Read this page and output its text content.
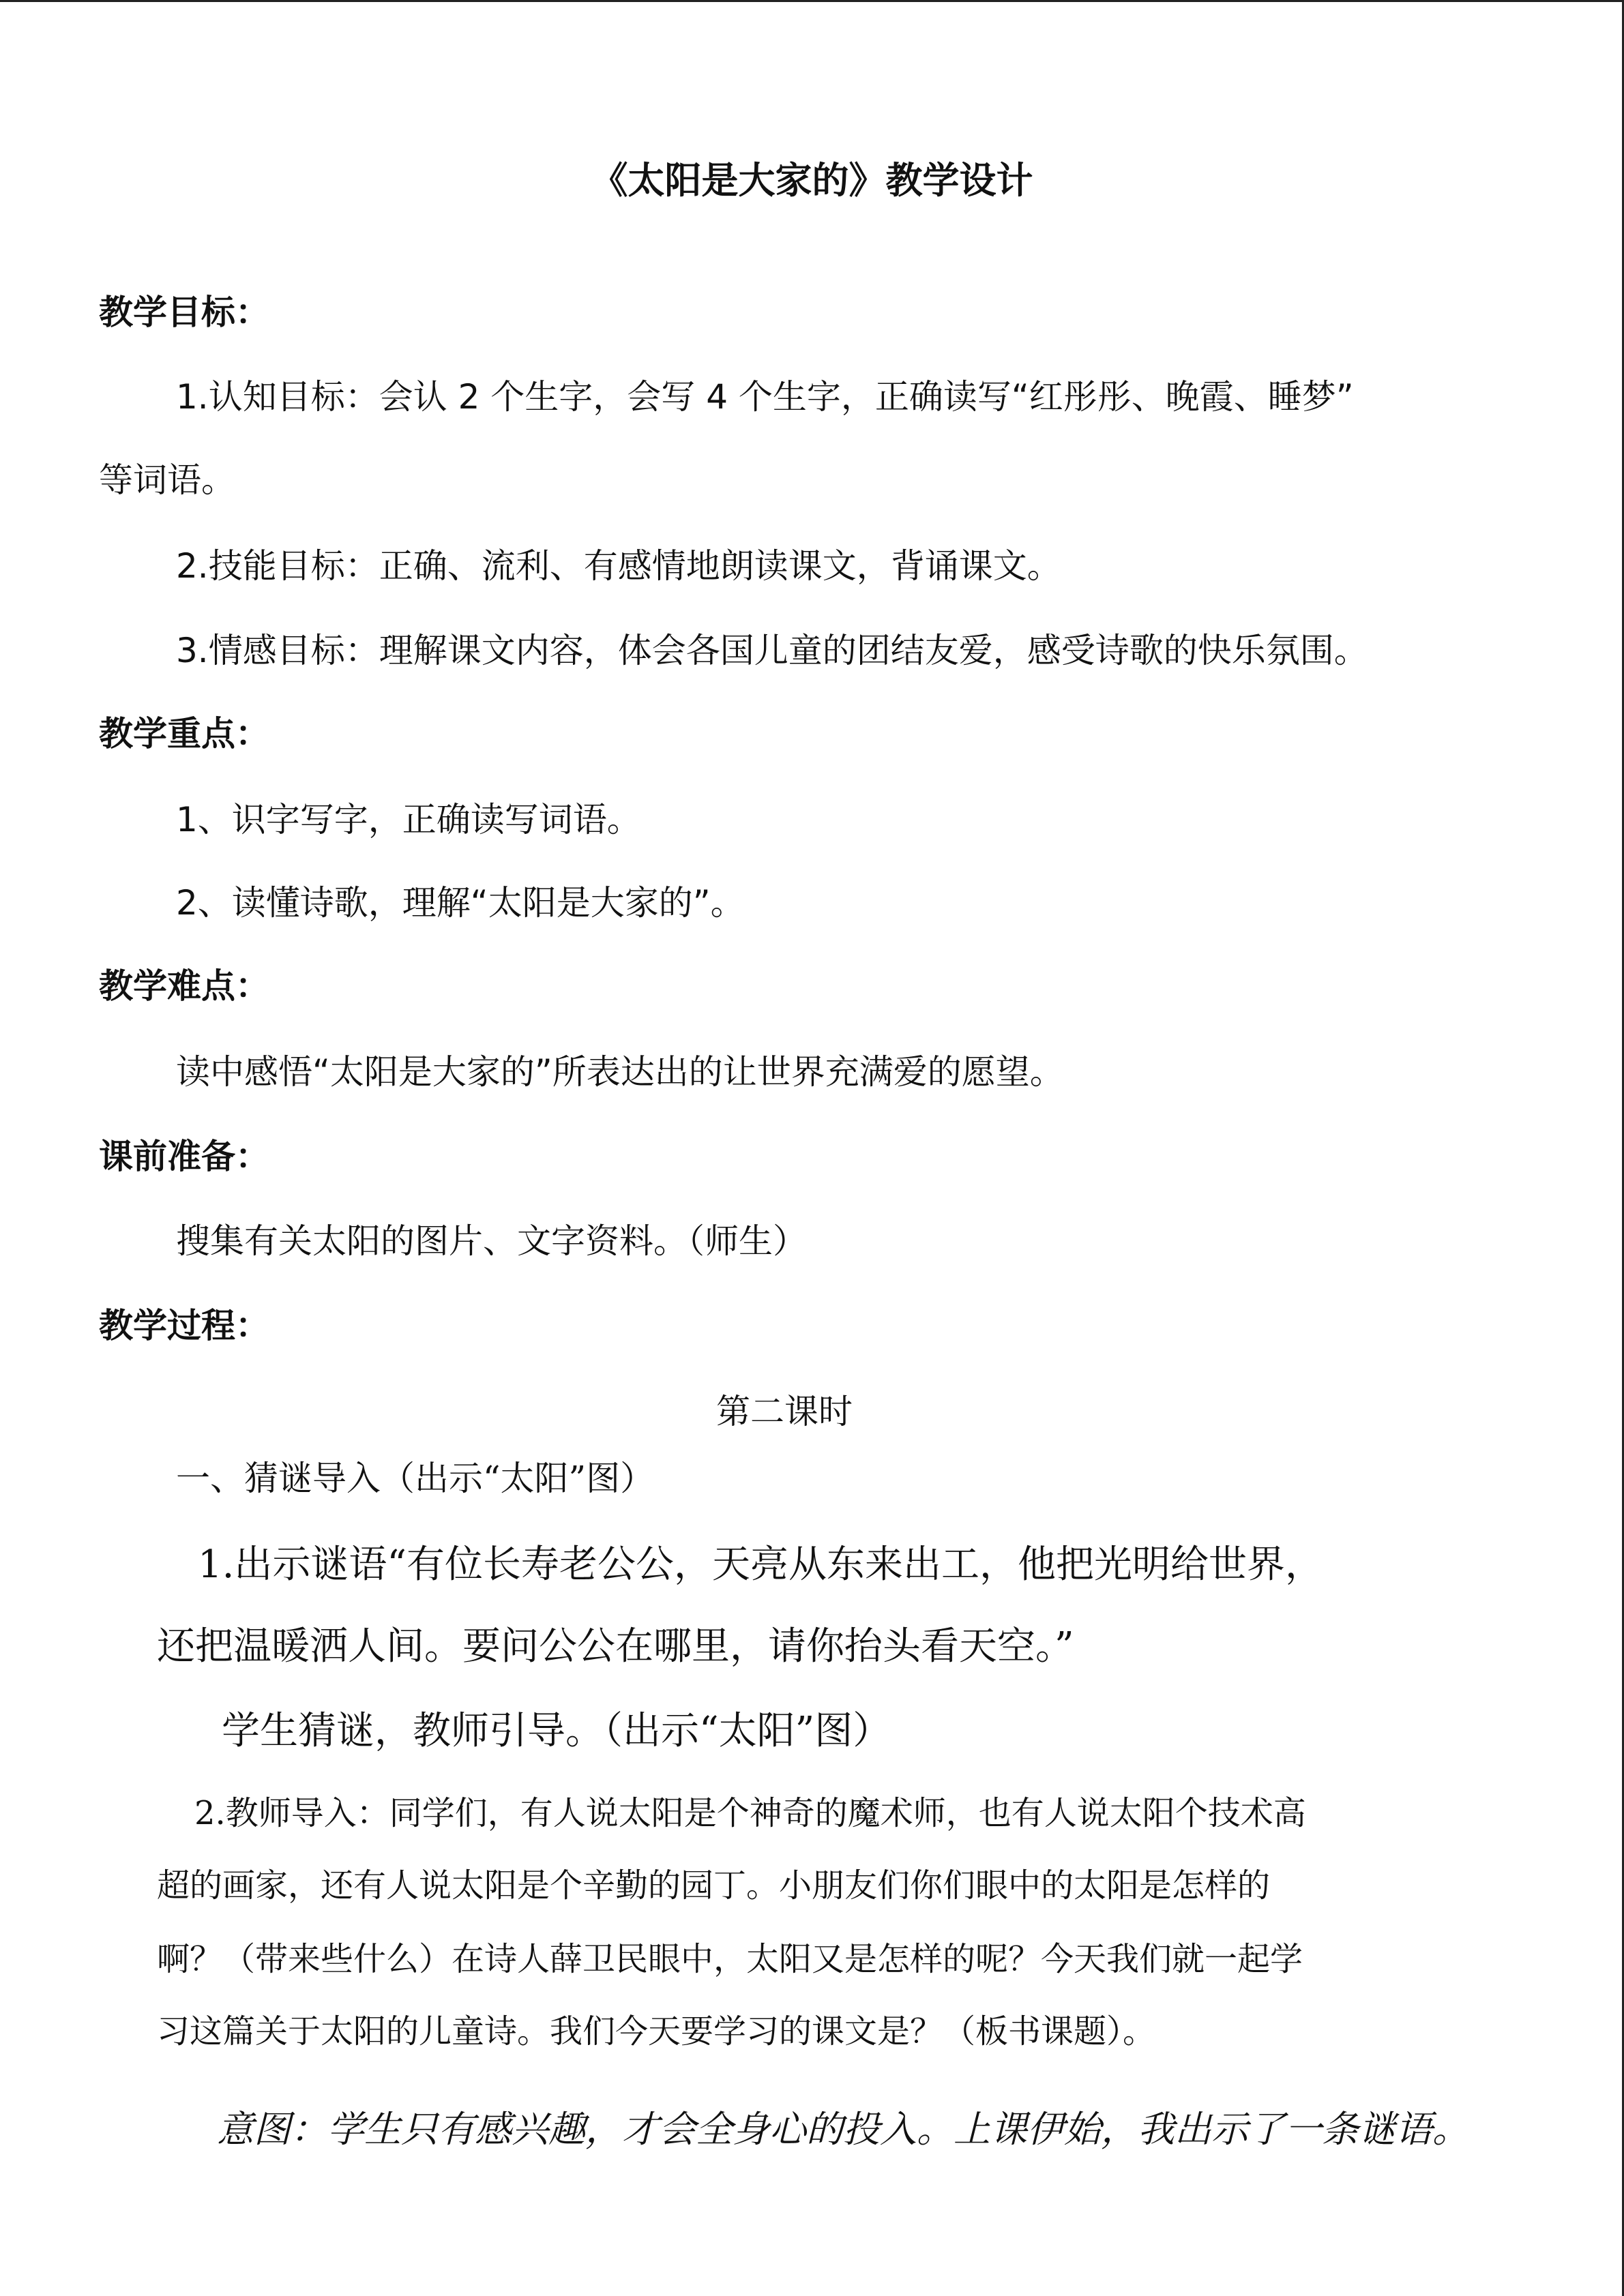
《太阳是大家的》教学设计

教学目标：

1.认知目标：会认 2 个生字，会写 4 个生字，正确读写“红彤彤、晚霞、睡梦”

等词语。

2.技能目标：正确、流利、有感情地朗读课文，背诵课文。

3.情感目标：理解课文内容，体会各国儿童的团结友爱，感受诗歌的快乐氛围。

教学重点：

1、识字写字，正确读写词语。

2、读懂诗歌，理解“太阳是大家的”。

教学难点：

读中感悟“太阳是大家的”所表达出的让世界充满爱的愿望。

课前准备：

搜集有关太阳的图片、文字资料。（师生）

教学过程：

第二课时

一、猜谜导入（出示“太阳”图）

1.出示谜语“有位长寿老公公，天亮从东来出工，他把光明给世界，

还把温暖洒人间。要问公公在哪里，请你抬头看天空。”

学生猜谜，教师引导。（出示“太阳”图）

2.教师导入：同学们，有人说太阳是个神奇的魔术师，也有人说太阳个技术高

超的画家，还有人说太阳是个辛勤的园丁。小朋友们你们眼中的太阳是怎样的

啊？（带来些什么）在诗人薛卫民眼中，太阳又是怎样的呢？今天我们就一起学

习这篇关于太阳的儿童诗。我们今天要学习的课文是？（板书课题）。

意图：学生只有感兴趣，才会全身心的投入。上课伊始，我出示了一条谜语。
